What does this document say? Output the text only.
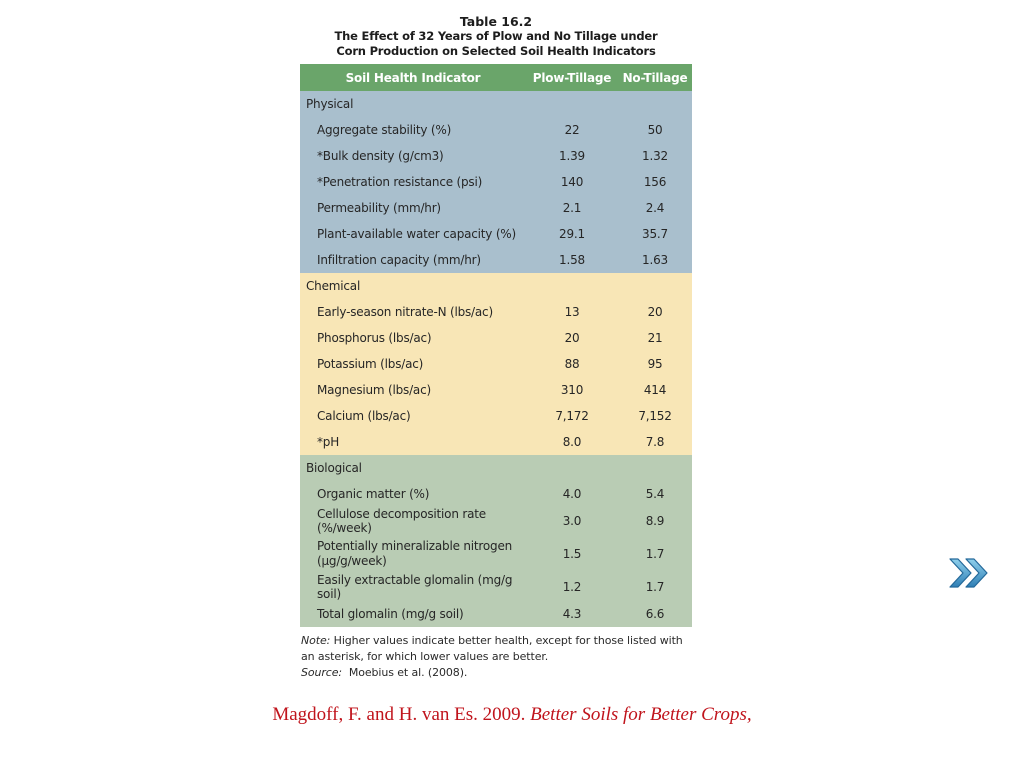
Table 16.2
The Effect of 32 Years of Plow and No Tillage under
Corn Production on Selected Soil Health Indicators
Soil Health Indicator	Plow-Tillage	No-Tillage
Physical		
Aggregate stability (%)	22	50
*Bulk density (g/cm3)	1.39	1.32
*Penetration resistance (psi)	140	156
Permeability (mm/hr)	2.1	2.4
Plant-available water capacity (%)	29.1	35.7
Infiltration capacity (mm/hr)	1.58	1.63
Chemical		
Early-season nitrate-N (lbs/ac)	13	20
Phosphorus (lbs/ac)	20	21
Potassium (lbs/ac)	88	95
Magnesium (lbs/ac)	310	414
Calcium (lbs/ac)	7,172	7,152
*pH	8.0	7.8
Biological		
Organic matter (%)	4.0	5.4
Cellulose decomposition rate (%/week)	3.0	8.9

Potentially mineralizable nitrogen
(µg/g/week)	1.5	1.7
Easily extractable glomalin (mg/g soil)	1.2	1.7
Total glomalin (mg/g soil)	4.3	6.6
Note: Higher values indicate better health, except for those listed with
an asterisk, for which lower values are better.
Source: Moebius et al. (2008).
Magdoff, F. and H. van Es. 2009. Better Soils for Better Crops,
